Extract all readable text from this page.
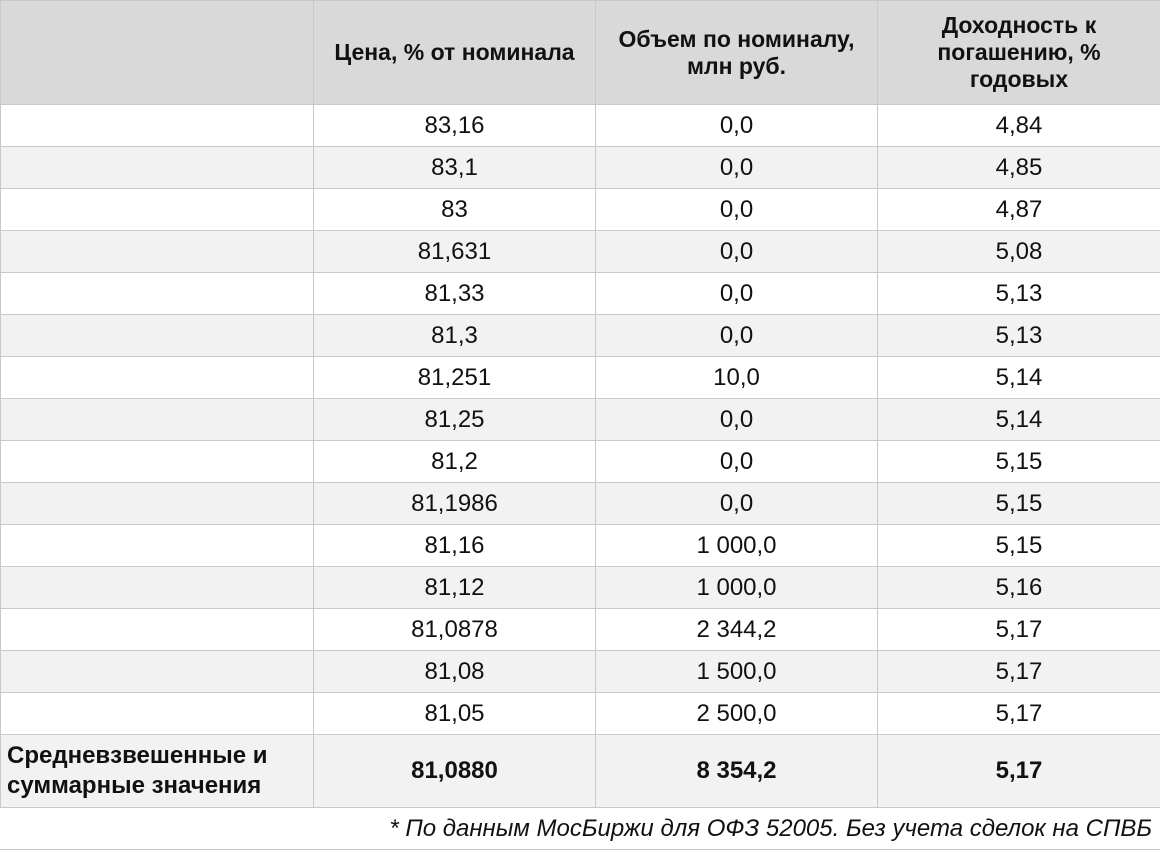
	Цена, % от номинала	Объем по номиналу, млн руб.	Доходность к погашению, % годовых
	83,16	0,0	4,84
	83,1	0,0	4,85
	83	0,0	4,87
	81,631	0,0	5,08
	81,33	0,0	5,13
	81,3	0,0	5,13
	81,251	10,0	5,14
	81,25	0,0	5,14
	81,2	0,0	5,15
	81,1986	0,0	5,15
	81,16	1 000,0	5,15
	81,12	1 000,0	5,16
	81,0878	2 344,2	5,17
	81,08	1 500,0	5,17
	81,05	2 500,0	5,17
Средневзвешенные и суммарные значения	81,0880	8 354,2	5,17
* По данным МосБиржи для ОФЗ 52005. Без учета сделок на СПВБ
